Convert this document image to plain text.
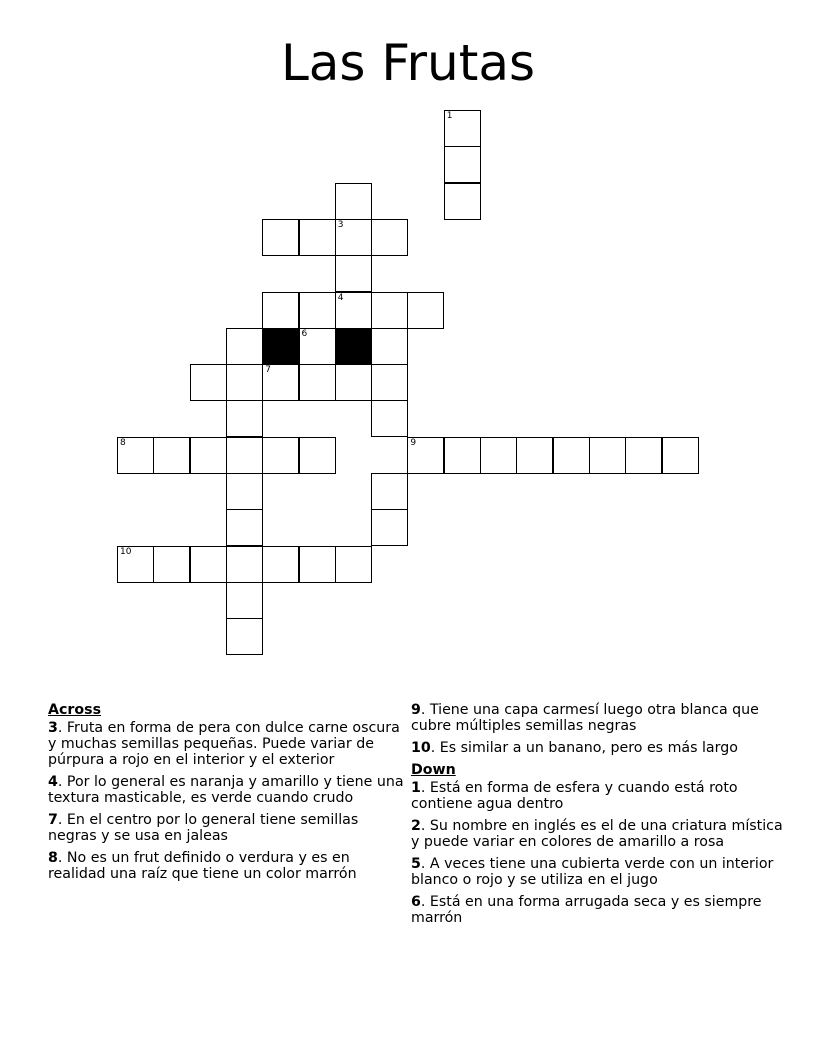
Las Frutas
1
3
4
6
7
8	9
10
Across
3. Fruta en forma de pera con dulce carne oscura y muchas semillas pequeñas. Puede variar de púrpura a rojo en el interior y el exterior
4. Por lo general es naranja y amarillo y tiene una textura masticable, es verde cuando crudo
7. En el centro por lo general tiene semillas negras y se usa en jaleas
8. No es un frut definido o verdura y es en realidad una raíz que tiene un color marrón
9. Tiene una capa carmesí luego otra blanca que cubre múltiples semillas negras
10. Es similar a un banano, pero es más largo
Down
1. Está en forma de esfera y cuando está roto contiene agua dentro
2. Su nombre en inglés es el de una criatura mística y puede variar en colores de amarillo a rosa
5. A veces tiene una cubierta verde con un interior blanco o rojo y se utiliza en el jugo
6. Está en una forma arrugada seca y es siempre marrón
